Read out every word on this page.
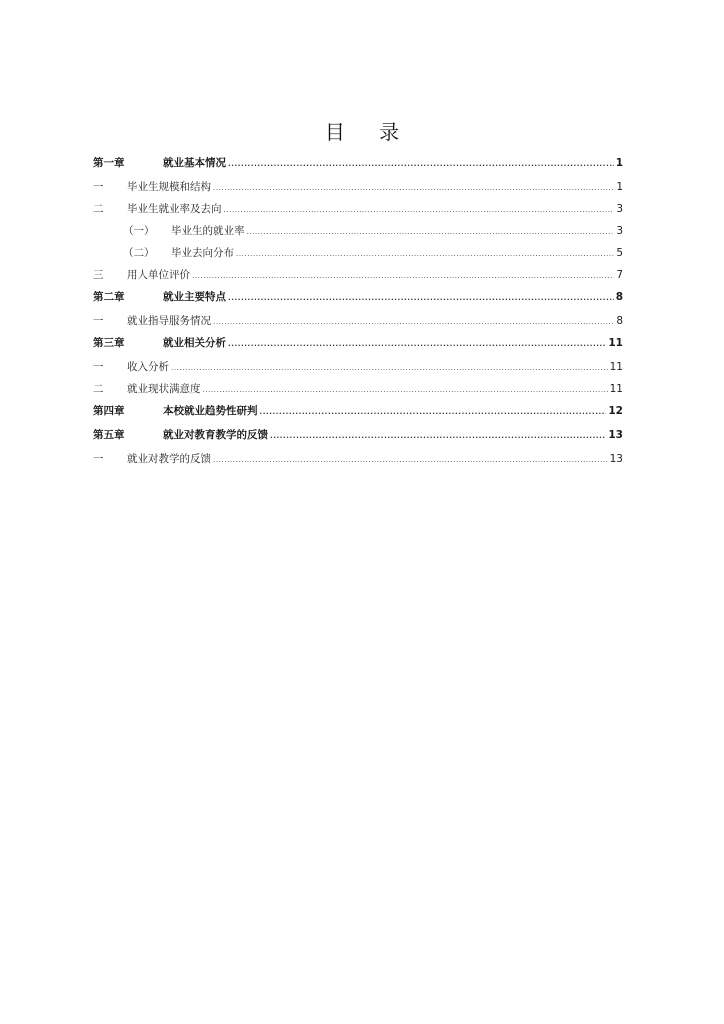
目 录
第一章	就业基本情况 .....	1
一	毕业生规模和结构 .....	1
二	毕业生就业率及去向 .....	3
（一）	毕业生的就业率 .....	3
（二）	毕业去向分布 .....	5
三	用人单位评价 .....	7
第二章	就业主要特点 .....	8
一	就业指导服务情况 .....	8
第三章	就业相关分析 .....	11
一	收入分析 .....	11
二	就业现状满意度 .....	11
第四章	本校就业趋势性研判 .....	12
第五章	就业对教育教学的反馈 .....	13
一	就业对教学的反馈 .....	13
